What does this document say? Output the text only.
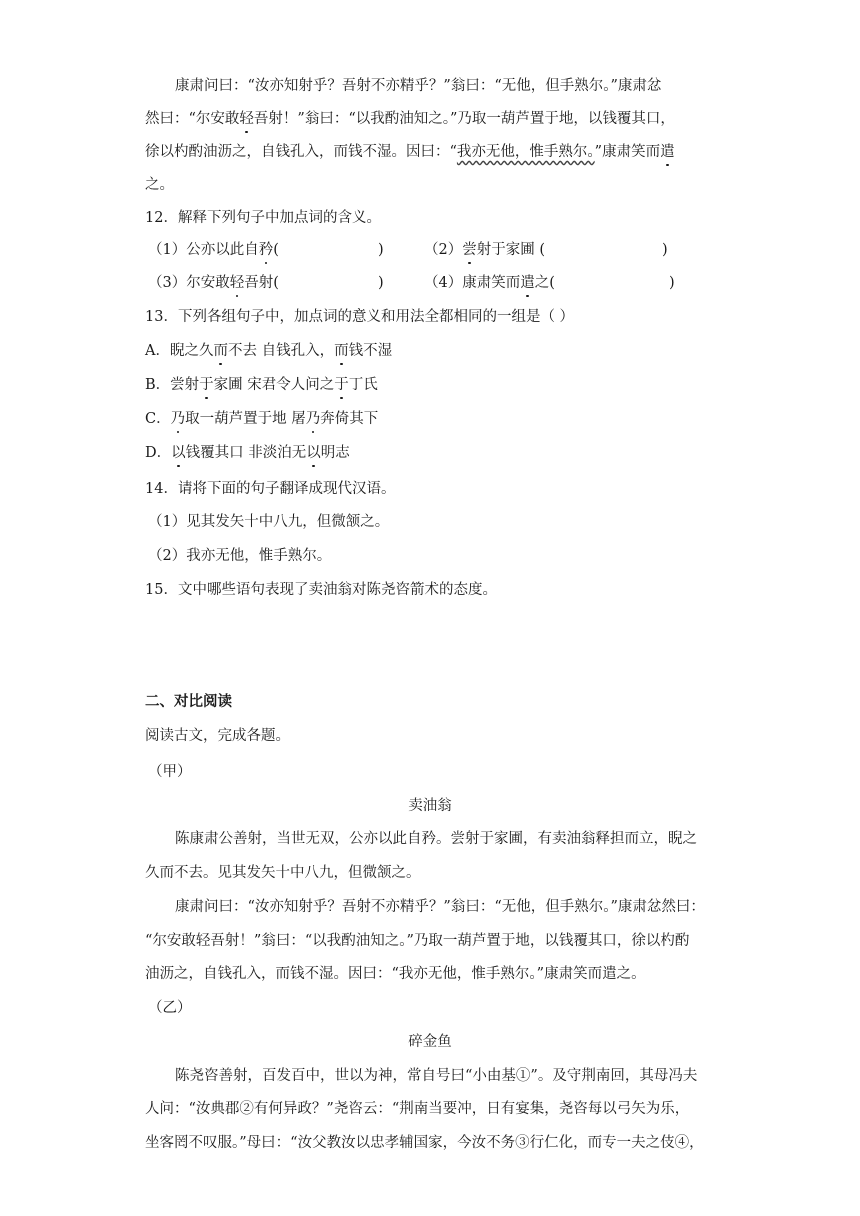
康肃问曰：“汝亦知射乎？吾射不亦精乎？”翁曰：“无他，但手熟尔。”康肃忿
然曰：“尔安敢轻吾射！”翁曰：“以我酌油知之。”乃取一葫芦置于地，以钱覆其口，
徐以杓酌油沥之，自钱孔入，而钱不湿。因曰：“我亦无他，惟手熟尔。”康肃笑而遣
之。
12．解释下列句子中加点词的含义。
（1）公亦以此自矜(	)	（2）尝射于家圃 (	)
（3）尔安敢轻吾射(	)	（4）康肃笑而遣之(	)
13．下列各组句子中，加点词的意义和用法全都相同的一组是（ ）
A．睨之久而不去 自钱孔入，而钱不湿
B．尝射于家圃 宋君令人问之于丁氏
C．乃取一葫芦置于地 屠乃奔倚其下
D．以钱覆其口 非淡泊无以明志
14．请将下面的句子翻译成现代汉语。
（1）见其发矢十中八九，但微颔之。
（2）我亦无他，惟手熟尔。
15．文中哪些语句表现了卖油翁对陈尧咨箭术的态度。
二、对比阅读
阅读古文，完成各题。
（甲）
卖油翁
陈康肃公善射，当世无双，公亦以此自矜。尝射于家圃，有卖油翁释担而立，睨之
久而不去。见其发矢十中八九，但微颔之。
康肃问曰：“汝亦知射乎？吾射不亦精乎？”翁曰：“无他，但手熟尔。”康肃忿然曰：
“尔安敢轻吾射！”翁曰：“以我酌油知之。”乃取一葫芦置于地，以钱覆其口，徐以杓酌
油沥之，自钱孔入，而钱不湿。因曰：“我亦无他，惟手熟尔。”康肃笑而遣之。
（乙）
碎金鱼
陈尧咨善射，百发百中，世以为神，常自号曰“小由基①”。及守荆南回，其母冯夫
人问：“汝典郡②有何异政？”尧咨云：“荆南当要冲，日有宴集，尧咨每以弓矢为乐，
坐客罔不叹服。”母曰：“汝父教汝以忠孝辅国家，今汝不务③行仁化，而专一夫之伎④，
